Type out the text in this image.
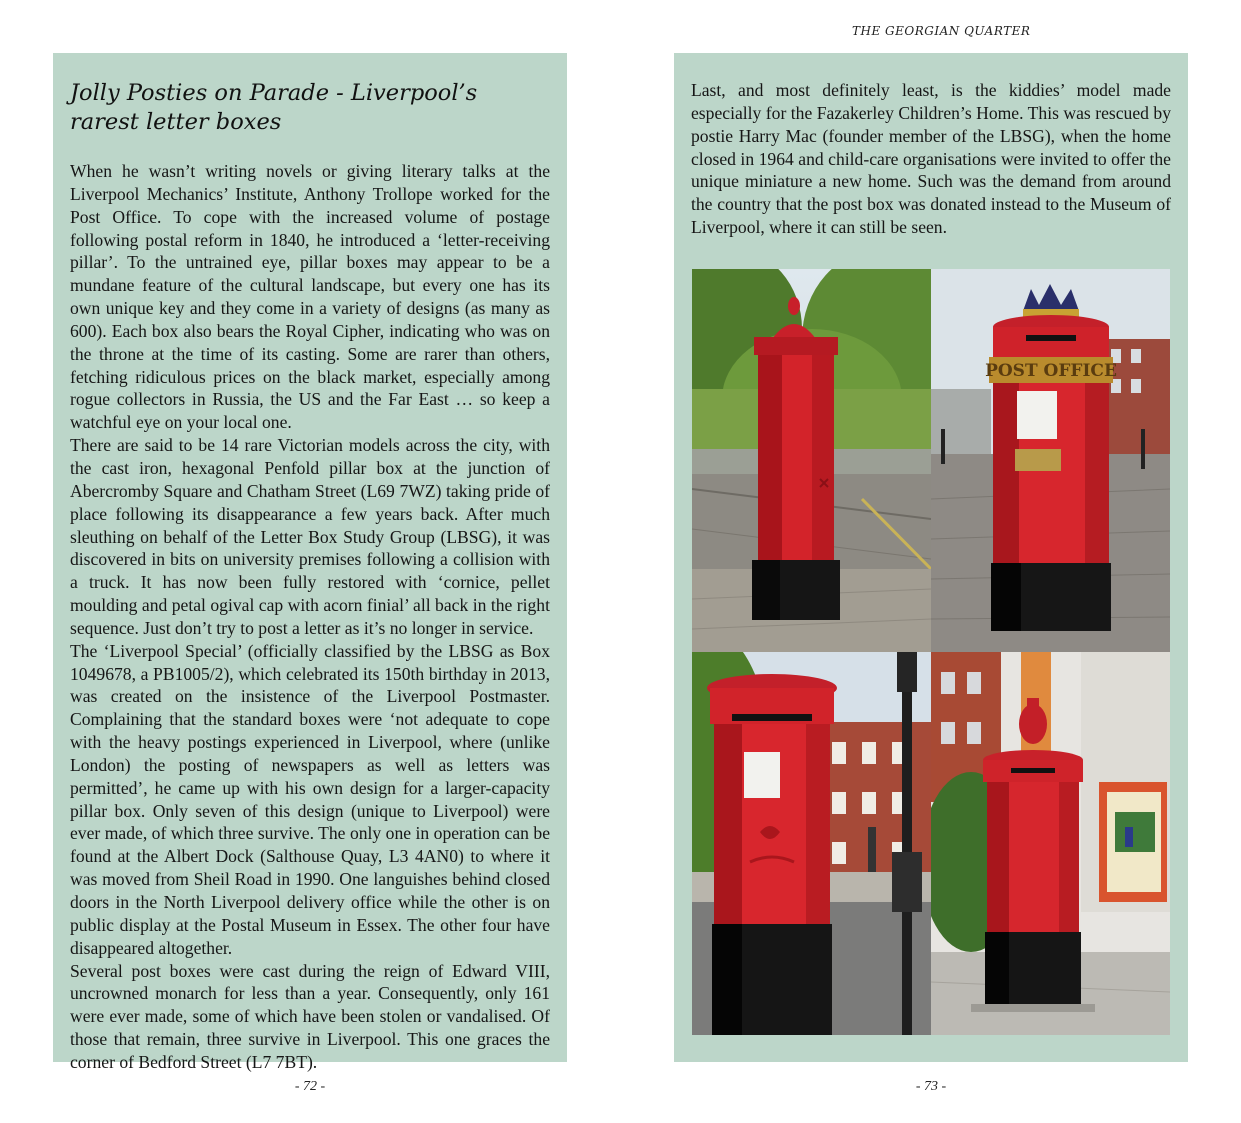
THE GEORGIAN QUARTER
Jolly Posties on Parade - Liverpool’s rarest letter boxes

When he wasn’t writing novels or giving literary talks at the Liverpool Mechanics’ Institute, Anthony Trollope worked for the Post Office. To cope with the increased volume of postage following postal reform in 1840, he introduced a ‘letter-receiving pillar’. To the untrained eye, pillar boxes may appear to be a mundane feature of the cultural landscape, but every one has its own unique key and they come in a variety of designs (as many as 600). Each box also bears the Royal Cipher, indicating who was on the throne at the time of its casting. Some are rarer than others, fetching ridiculous prices on the black market, especially among rogue collectors in Russia, the US and the Far East … so keep a watchful eye on your local one.

There are said to be 14 rare Victorian models across the city, with the cast iron, hexagonal Penfold pillar box at the junction of Abercromby Square and Chatham Street (L69 7WZ) taking pride of place following its disappearance a few years back. After much sleuthing on behalf of the Letter Box Study Group (LBSG), it was discovered in bits on university premises following a collision with a truck. It has now been fully restored with ‘cornice, pellet moulding and petal ogival cap with acorn finial’ all back in the right sequence. Just don’t try to post a letter as it’s no longer in service.

The ‘Liverpool Special’ (officially classified by the LBSG as Box 1049678, a PB1005/2), which celebrated its 150th birthday in 2013, was created on the insistence of the Liverpool Postmaster. Complaining that the standard boxes were ‘not adequate to cope with the heavy postings experienced in Liverpool, where (unlike London) the posting of newspapers as well as letters was permitted’, he came up with his own design for a larger-capacity pillar box. Only seven of this design (unique to Liverpool) were ever made, of which three survive. The only one in operation can be found at the Albert Dock (Salthouse Quay, L3 4AN0) to where it was moved from Sheil Road in 1990. One languishes behind closed doors in the North Liverpool delivery office while the other is on public display at the Postal Museum in Essex. The other four have disappeared altogether.

Several post boxes were cast during the reign of Edward VIII, uncrowned monarch for less than a year. Consequently, only 161 were ever made, some of which have been stolen or vandalised. Of those that remain, three survive in Liverpool. This one graces the corner of Bedford Street (L7 7BT).

- 72 -

Last, and most definitely least, is the kiddies’ model made especially for the Fazakerley Children’s Home. This was rescued by postie Harry Mac (founder member of the LBSG), when the home closed in 1964 and child-care organisations were invited to offer the unique miniature a new home. Such was the demand from around the country that the post box was donated instead to the Museum of Liverpool, where it can still be seen.

POST OFFICE
- 73 -
